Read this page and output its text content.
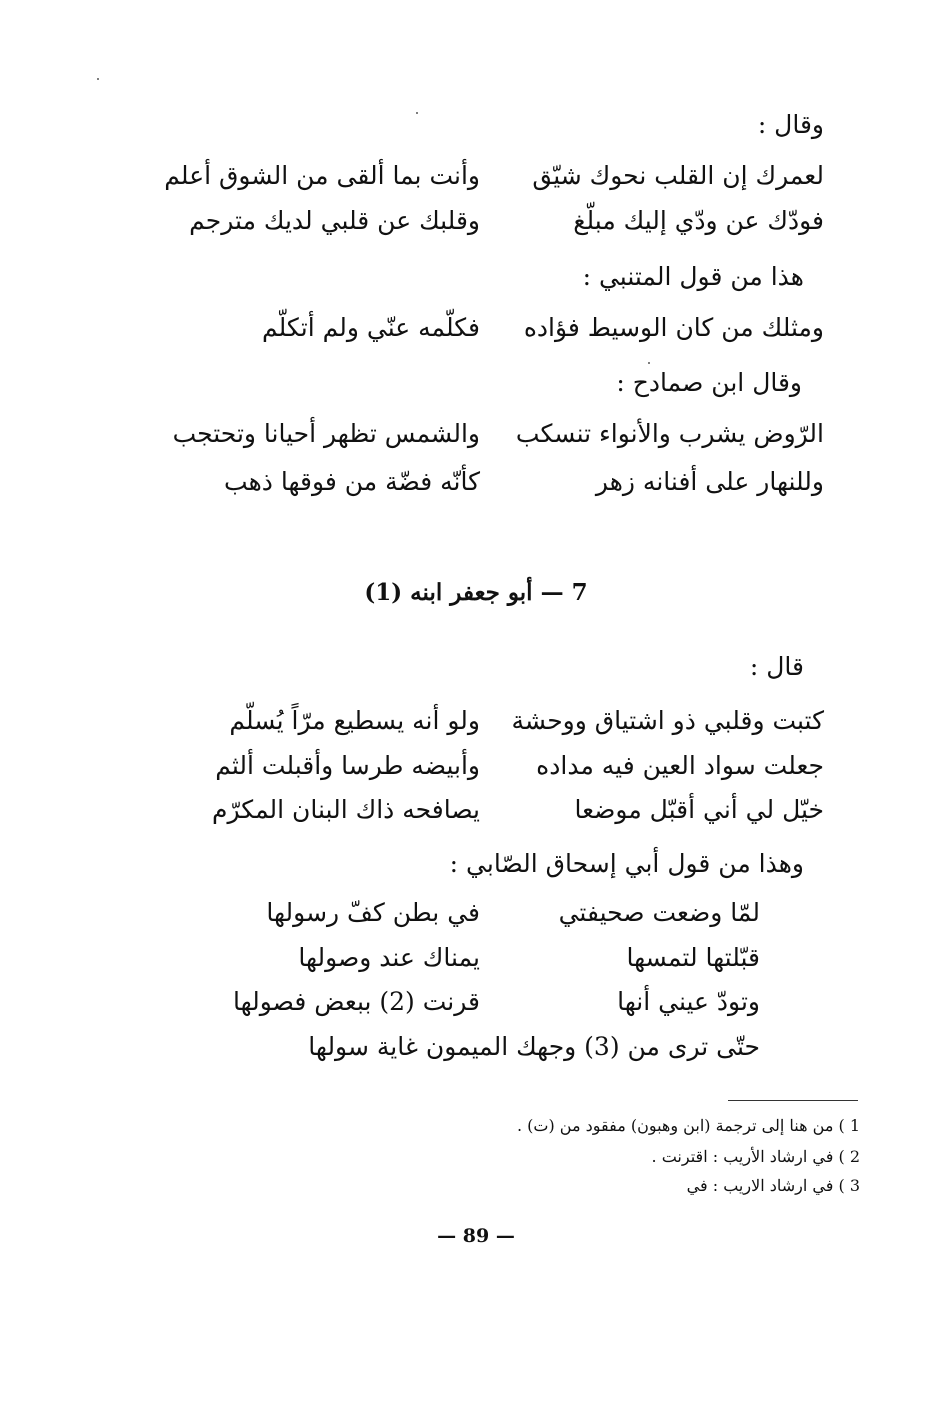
وقال :
لعمرك إن القلب نحوك شيّق
وأنت بما ألقى من الشوق أعلم
فودّك عن ودّي إليك مبلّغ
وقلبك عن قلبي لديك مترجم
هذا من قول المتنبي :
ومثلك من كان الوسيط فؤاده
فكلّمه عنّي ولم أتكلّم
وقال ابن صمادح :
الرّوض يشرب والأنواء تنسكب
والشمس تظهر أحيانا وتحتجب
وللنهار على أفنانه زهر
كأنّه فضّة من فوقها ذهب
7 — أبو جعفر ابنه (1)
قال :
كتبت وقلبي ذو اشتياق ووحشة
ولو أنه يسطيع مرّاً يُسلّم
جعلت سواد العين فيه مداده
وأبيضه طرسا وأقبلت ألثم
خيّل لي أني أقبّل موضعا
يصافحه ذاك البنان المكرّم
وهذا من قول أبي إسحاق الصّابي :
لمّا وضعت صحيفتي
في بطن كفّ رسولها
قبّلتها لتمسها
يمناك عند وصولها
وتودّ عيني أنها
قرنت (2) ببعض فصولها
حتّى ترى من (3) وجهك الميمون غاية سولها
1 ) من هنا إلى ترجمة (ابن وهبون) مفقود من (ت) .
2 ) في ارشاد الأريب : اقترنت .
3 ) في ارشاد الاريب : في
— 89 —
